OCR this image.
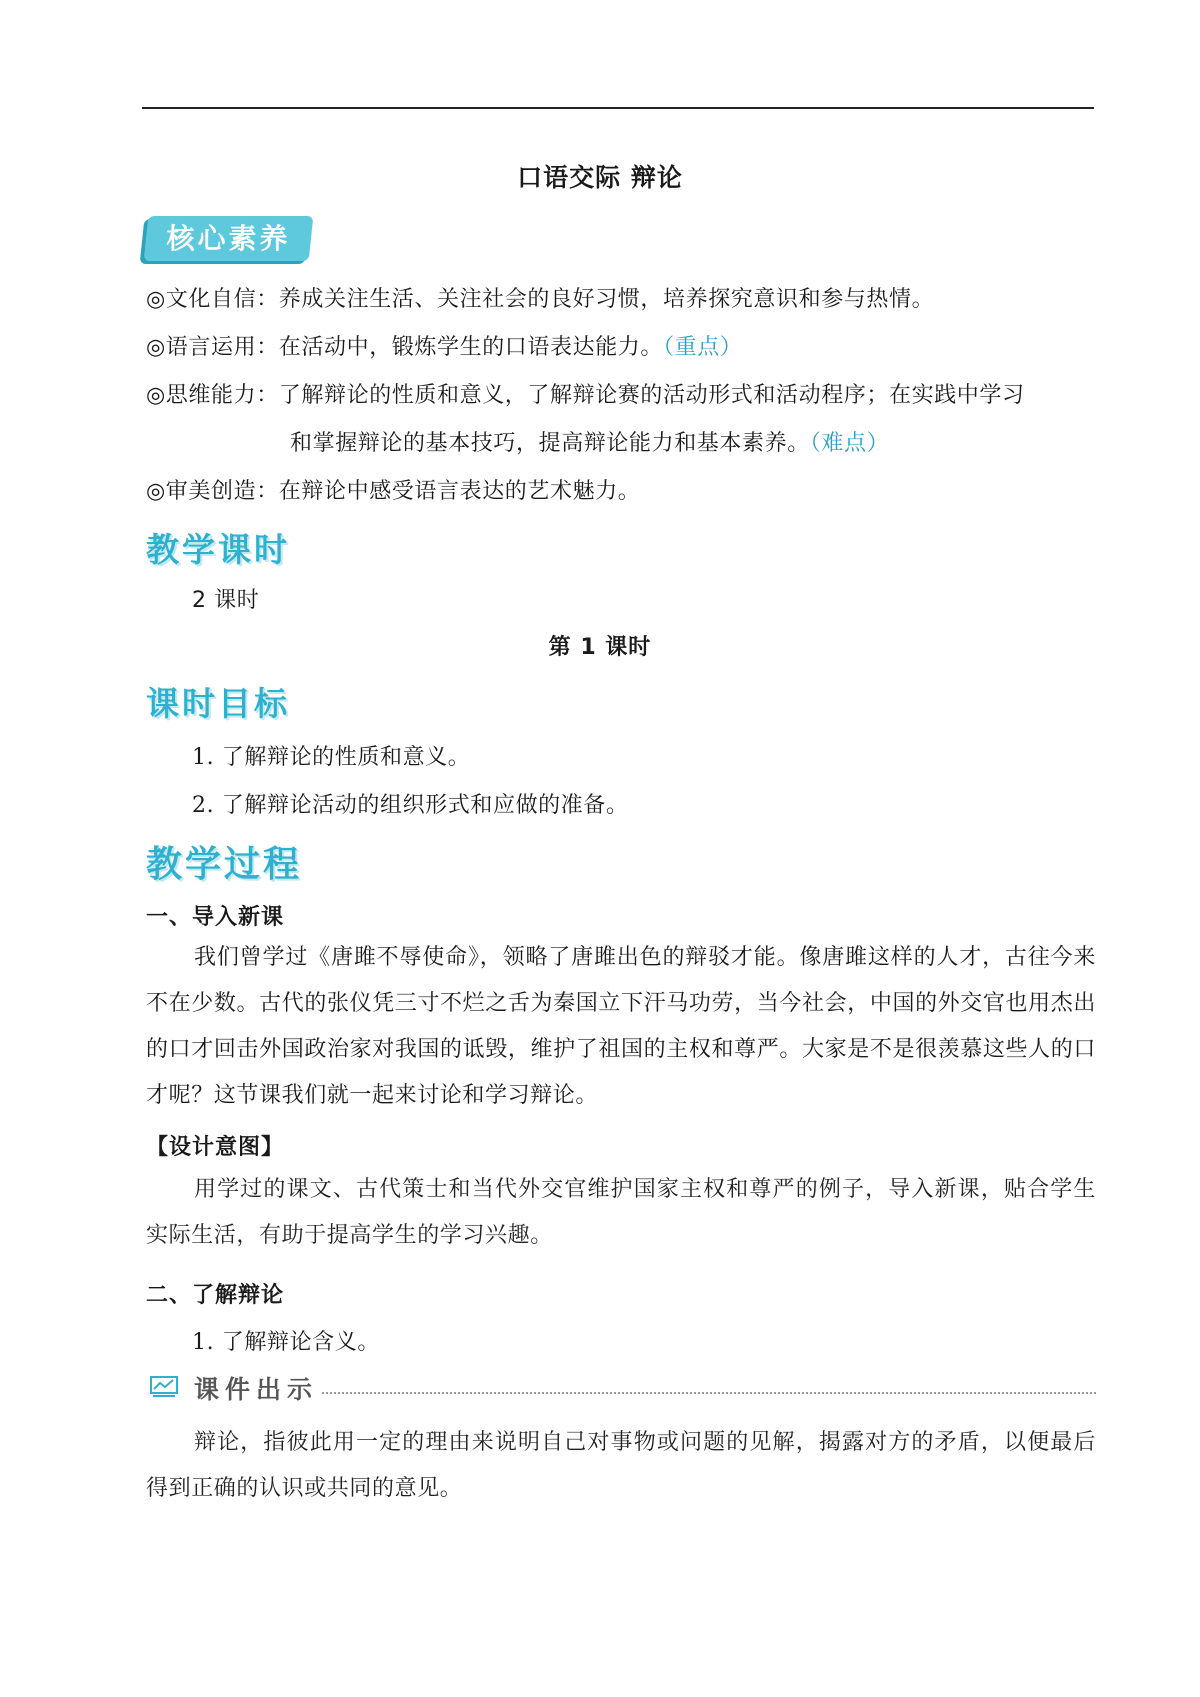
口语交际 辩论
核心素养
◎文化自信：养成关注生活、关注社会的良好习惯，培养探究意识和参与热情。
◎语言运用：在活动中，锻炼学生的口语表达能力。（重点）
◎思维能力：了解辩论的性质和意义，了解辩论赛的活动形式和活动程序；在实践中学习
和掌握辩论的基本技巧，提高辩论能力和基本素养。（难点）
◎审美创造：在辩论中感受语言表达的艺术魅力。
教学课时
2 课时
第 1 课时
课时目标
1. 了解辩论的性质和意义。
2. 了解辩论活动的组织形式和应做的准备。
教学过程
一、导入新课
我们曾学过《唐雎不辱使命》，领略了唐雎出色的辩驳才能。像唐雎这样的人才，古往今来不在少数。古代的张仪凭三寸不烂之舌为秦国立下汗马功劳，当今社会，中国的外交官也用杰出的口才回击外国政治家对我国的诋毁，维护了祖国的主权和尊严。大家是不是很羡慕这些人的口才呢？这节课我们就一起来讨论和学习辩论。
【设计意图】
用学过的课文、古代策士和当代外交官维护国家主权和尊严的例子，导入新课，贴合学生实际生活，有助于提高学生的学习兴趣。
二、了解辩论
1. 了解辩论含义。
课件出示
辩论，指彼此用一定的理由来说明自己对事物或问题的见解，揭露对方的矛盾，以便最后得到正确的认识或共同的意见。
